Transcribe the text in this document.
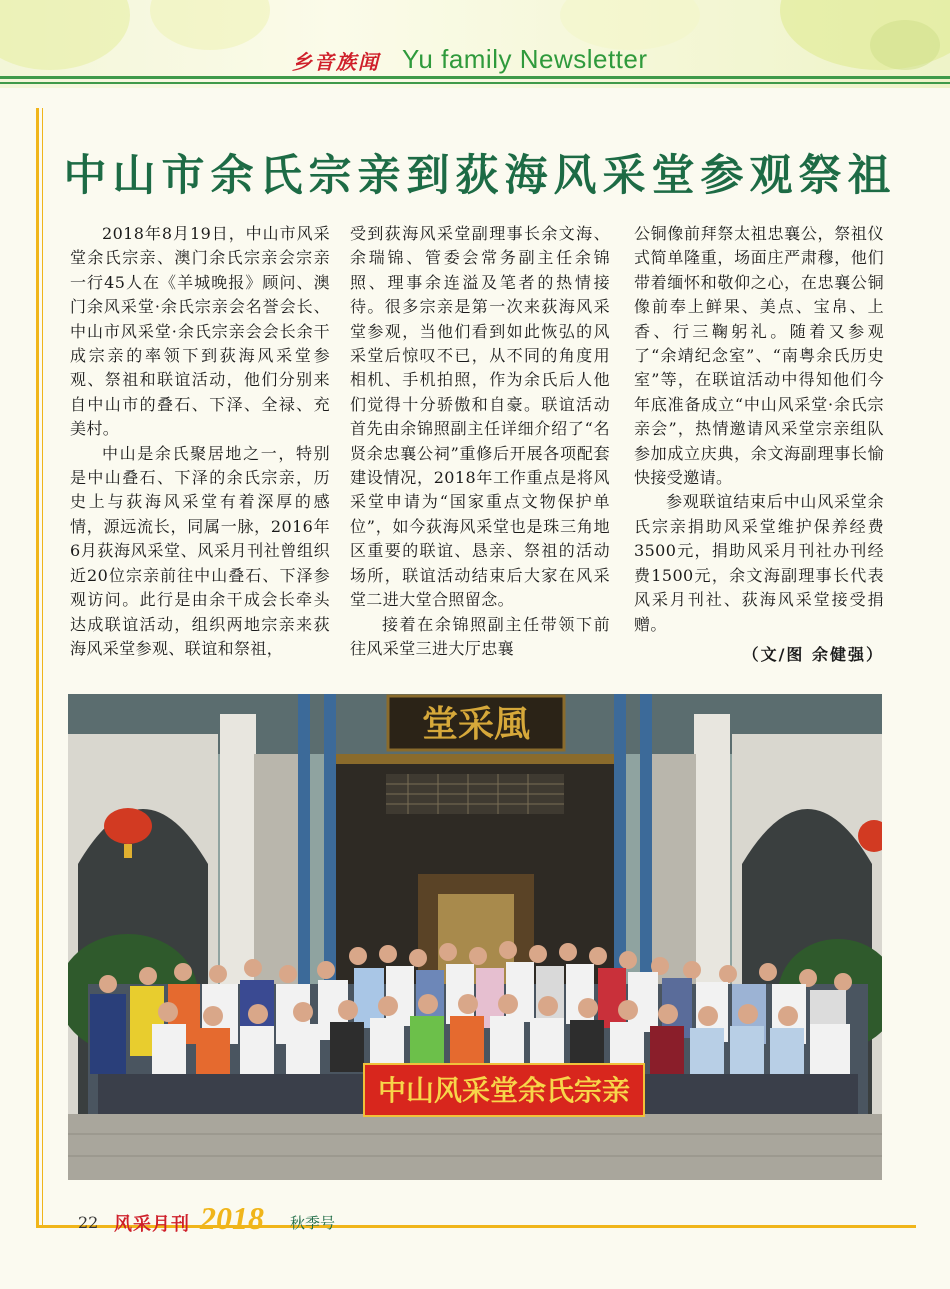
乡音族闻 Yu family Newsletter
中山市余氏宗亲到荻海风采堂参观祭祖

2018年8月19日，中山市风采堂余氏宗亲、澳门余氏宗亲会宗亲一行45人在《羊城晚报》顾问、澳门余风采堂·余氏宗亲会名誉会长、中山市风采堂·余氏宗亲会会长余干成宗亲的率领下到荻海风采堂参观、祭祖和联谊活动，他们分别来自中山市的叠石、下泽、全禄、充美村。

中山是余氏聚居地之一，特别是中山叠石、下泽的余氏宗亲，历史上与荻海风采堂有着深厚的感情，源远流长，同属一脉，2016年6月荻海风采堂、风采月刊社曾组织近20位宗亲前往中山叠石、下泽参观访问。此行是由余干成会长牵头达成联谊活动，组织两地宗亲来荻海风采堂参观、联谊和祭祖，

受到荻海风采堂副理事长余文海、余瑞锦、管委会常务副主任余锦照、理事余连溢及笔者的热情接待。很多宗亲是第一次来荻海风采堂参观，当他们看到如此恢弘的风采堂后惊叹不已，从不同的角度用相机、手机拍照，作为余氏后人他们觉得十分骄傲和自豪。联谊活动首先由余锦照副主任详细介绍了“名贤余忠襄公祠”重修后开展各项配套建设情况，2018年工作重点是将风采堂申请为“国家重点文物保护单位”，如今荻海风采堂也是珠三角地区重要的联谊、恳亲、祭祖的活动场所，联谊活动结束后大家在风采堂二进大堂合照留念。

接着在余锦照副主任带领下前往风采堂三进大厅忠襄

公铜像前拜祭太祖忠襄公，祭祖仪式简单隆重，场面庄严肃穆，他们带着缅怀和敬仰之心，在忠襄公铜像前奉上鲜果、美点、宝帛、上香、行三鞠躬礼。随着又参观了“余靖纪念室”、“南粤余氏历史室”等，在联谊活动中得知他们今年底准备成立“中山风采堂·余氏宗亲会”，热情邀请风采堂宗亲组队参加成立庆典，余文海副理事长愉快接受邀请。

参观联谊结束后中山风采堂余氏宗亲捐助风采堂维护保养经费3500元，捐助风采月刊社办刊经费1500元，余文海副理事长代表风采月刊社、荻海风采堂接受捐赠。

（文/图 余健强）
堂采風
中山风采堂余氏宗亲
22 风采月刊 2018 秋季号
